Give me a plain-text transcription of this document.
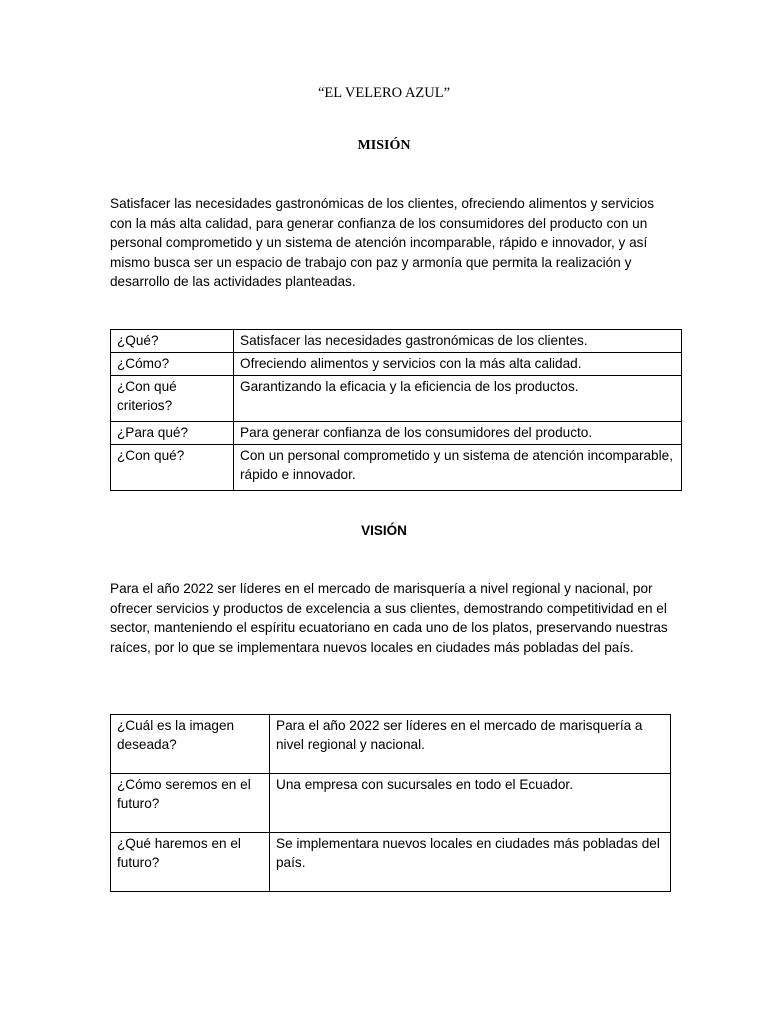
“EL VELERO AZUL”

MISIÓN

Satisfacer las necesidades gastronómicas de los clientes, ofreciendo alimentos y servicios con la más alta calidad, para generar confianza de los consumidores del producto con un personal comprometido y un sistema de atención incomparable, rápido e innovador, y así mismo busca ser un espacio de trabajo con paz y armonía que permita la realización y desarrollo de las actividades planteadas.

¿Qué?	Satisfacer las necesidades gastronómicas de los clientes.
¿Cómo?	Ofreciendo alimentos y servicios con la más alta calidad.
¿Con qué criterios?	Garantizando la eficacia y la eficiencia de los productos.
¿Para qué?	Para generar confianza de los consumidores del producto.
¿Con qué?	Con un personal comprometido y un sistema de atención incomparable, rápido e innovador.

VISIÓN

Para el año 2022 ser líderes en el mercado de marisquería a nivel regional y nacional, por ofrecer servicios y productos de excelencia a sus clientes, demostrando competitividad en el sector, manteniendo el espíritu ecuatoriano en cada uno de los platos, preservando nuestras raíces, por lo que se implementara nuevos locales en ciudades más pobladas del país.

¿Cuál es la imagen deseada?	Para el año 2022 ser líderes en el mercado de marisquería a nivel regional y nacional.
¿Cómo seremos en el futuro?	Una empresa con sucursales en todo el Ecuador.
¿Qué haremos en el futuro?	Se implementara nuevos locales en ciudades más pobladas del país.
